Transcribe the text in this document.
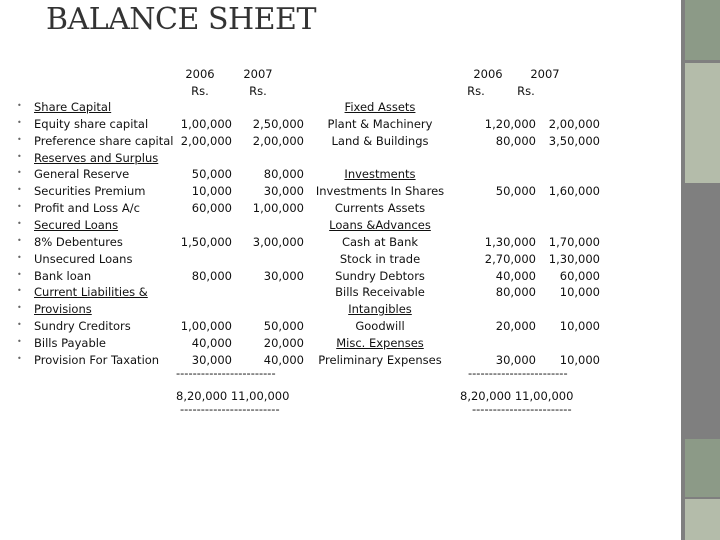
BALANCE SHEET
2006	2007
Rs.	Rs.
2006	2007
Rs.	Rs.
• Share Capital
• Equity share capital	1,00,000	2,50,000
• Preference share capital 2,00,000	2,00,000
• Reserves and Surplus
• General Reserve	50,000	80,000
• Securities Premium	10,000	30,000
• Profit and Loss A/c	60,000	1,00,000
• Secured Loans
• 8% Debentures	1,50,000	3,00,000
• Unsecured Loans
• Bank loan	80,000	30,000
• Current Liabilities &
• Provisions
• Sundry Creditors	1,00,000	50,000
• Bills Payable	40,000	20,000
• Provision For Taxation	30,000	40,000
Fixed Assets
Plant & Machinery	1,20,000	2,00,000
Land & Buildings	80,000	3,50,000
Investments
Investments In Shares	50,000	1,60,000
Currents Assets
Loans &Advances
Cash at Bank	1,30,000	1,70,000
Stock in trade	2,70,000	1,30,000
Sundry Debtors	40,000	60,000
Bills Receivable	80,000	10,000
Intangibles
Goodwill	20,000	10,000
Misc. Expenses
Preliminary Expenses	30,000	10,000
------------------------
8,20,000 11,00,000
------------------------
------------------------
8,20,000 11,00,000
------------------------
